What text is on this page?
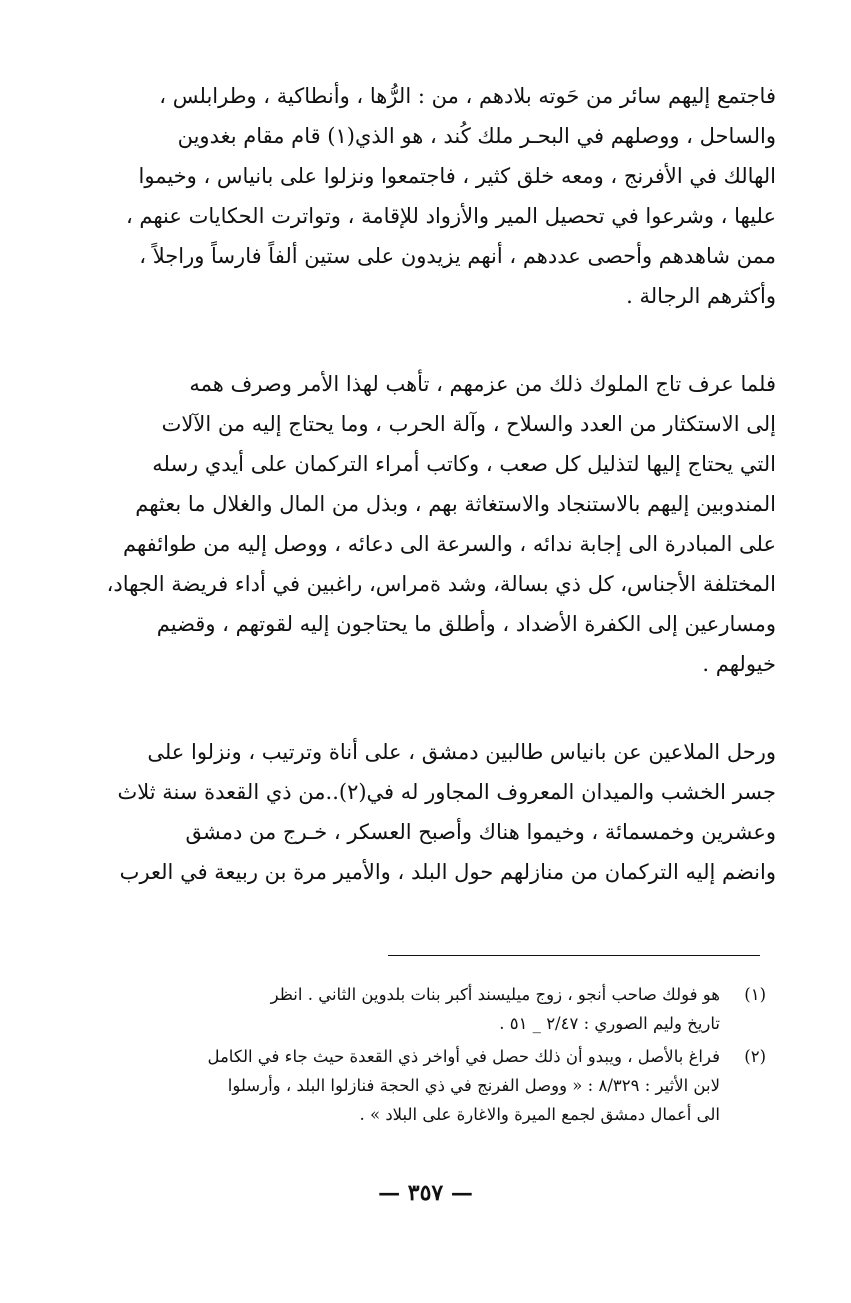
فاجتمع إليهم سائر من حَوته بلادهم ، من : الرُّها ، وأنطاكية ، وطرابلس ،
والساحل ، ووصلهم في البحـر ملك كُند ، هو الذي(١) قام مقام بغدوين
الهالك في الأفرنج ، ومعه خلق كثير ، فاجتمعوا ونزلوا على بانياس ، وخيموا
عليها ، وشرعوا في تحصيل المير والأزواد للإقامة ، وتواترت الحكايات عنهم ،
ممن شاهدهم وأحصى عددهم ، أنهم يزيدون على ستين ألفاً فارساً وراجلاً ،
وأكثرهم الرجالة .
فلما عرف تاج الملوك ذلك من عزمهم ، تأهب لهذا الأمر وصرف همه
إلى الاستكثار من العدد والسلاح ، وآلة الحرب ، وما يحتاج إليه من الآلات
التي يحتاج إليها لتذليل كل صعب ، وكاتب أمراء التركمان على أيدي رسله
المندوبين إليهم بالاستنجاد والاستغاثة بهم ، وبذل من المال والغلال ما بعثهم
على المبادرة الى إجابة ندائه ، والسرعة الى دعائه ، ووصل إليه من طوائفهم
المختلفة الأجناس، كل ذي بسالة، وشد ةمراس، راغبين في أداء فريضة الجهاد،
ومسارعين إلى الكفرة الأضداد ، وأطلق ما يحتاجون إليه لقوتهم ، وقضيم
خيولهم .
ورحل الملاعين عن بانياس طالبين دمشق ، على أناة وترتيب ، ونزلوا على
جسر الخشب والميدان المعروف المجاور له في(٢)..من ذي القعدة سنة ثلاث
وعشرين وخمسمائة ، وخيموا هناك وأصبح العسكر ، خـرج من دمشق
وانضم إليه التركمان من منازلهم حول البلد ، والأمير مرة بن ربيعة في العرب
(١)
هو فولك صاحب أنجو ، زوج ميليسند أكبر بنات بلدوين الثاني . انظر
تاريخ وليم الصوري : ٢/٤٧ _ ٥١ .
(٢)
فراغ بالأصل ، ويبدو أن ذلك حصل في أواخر ذي القعدة حيث جاء في الكامل
لابن الأثير : ٨/٣٢٩ : « ووصل الفرنج في ذي الحجة فنازلوا البلد ، وأرسلوا
الى أعمال دمشق لجمع الميرة والاغارة على البلاد » .
— ٣٥٧ —
